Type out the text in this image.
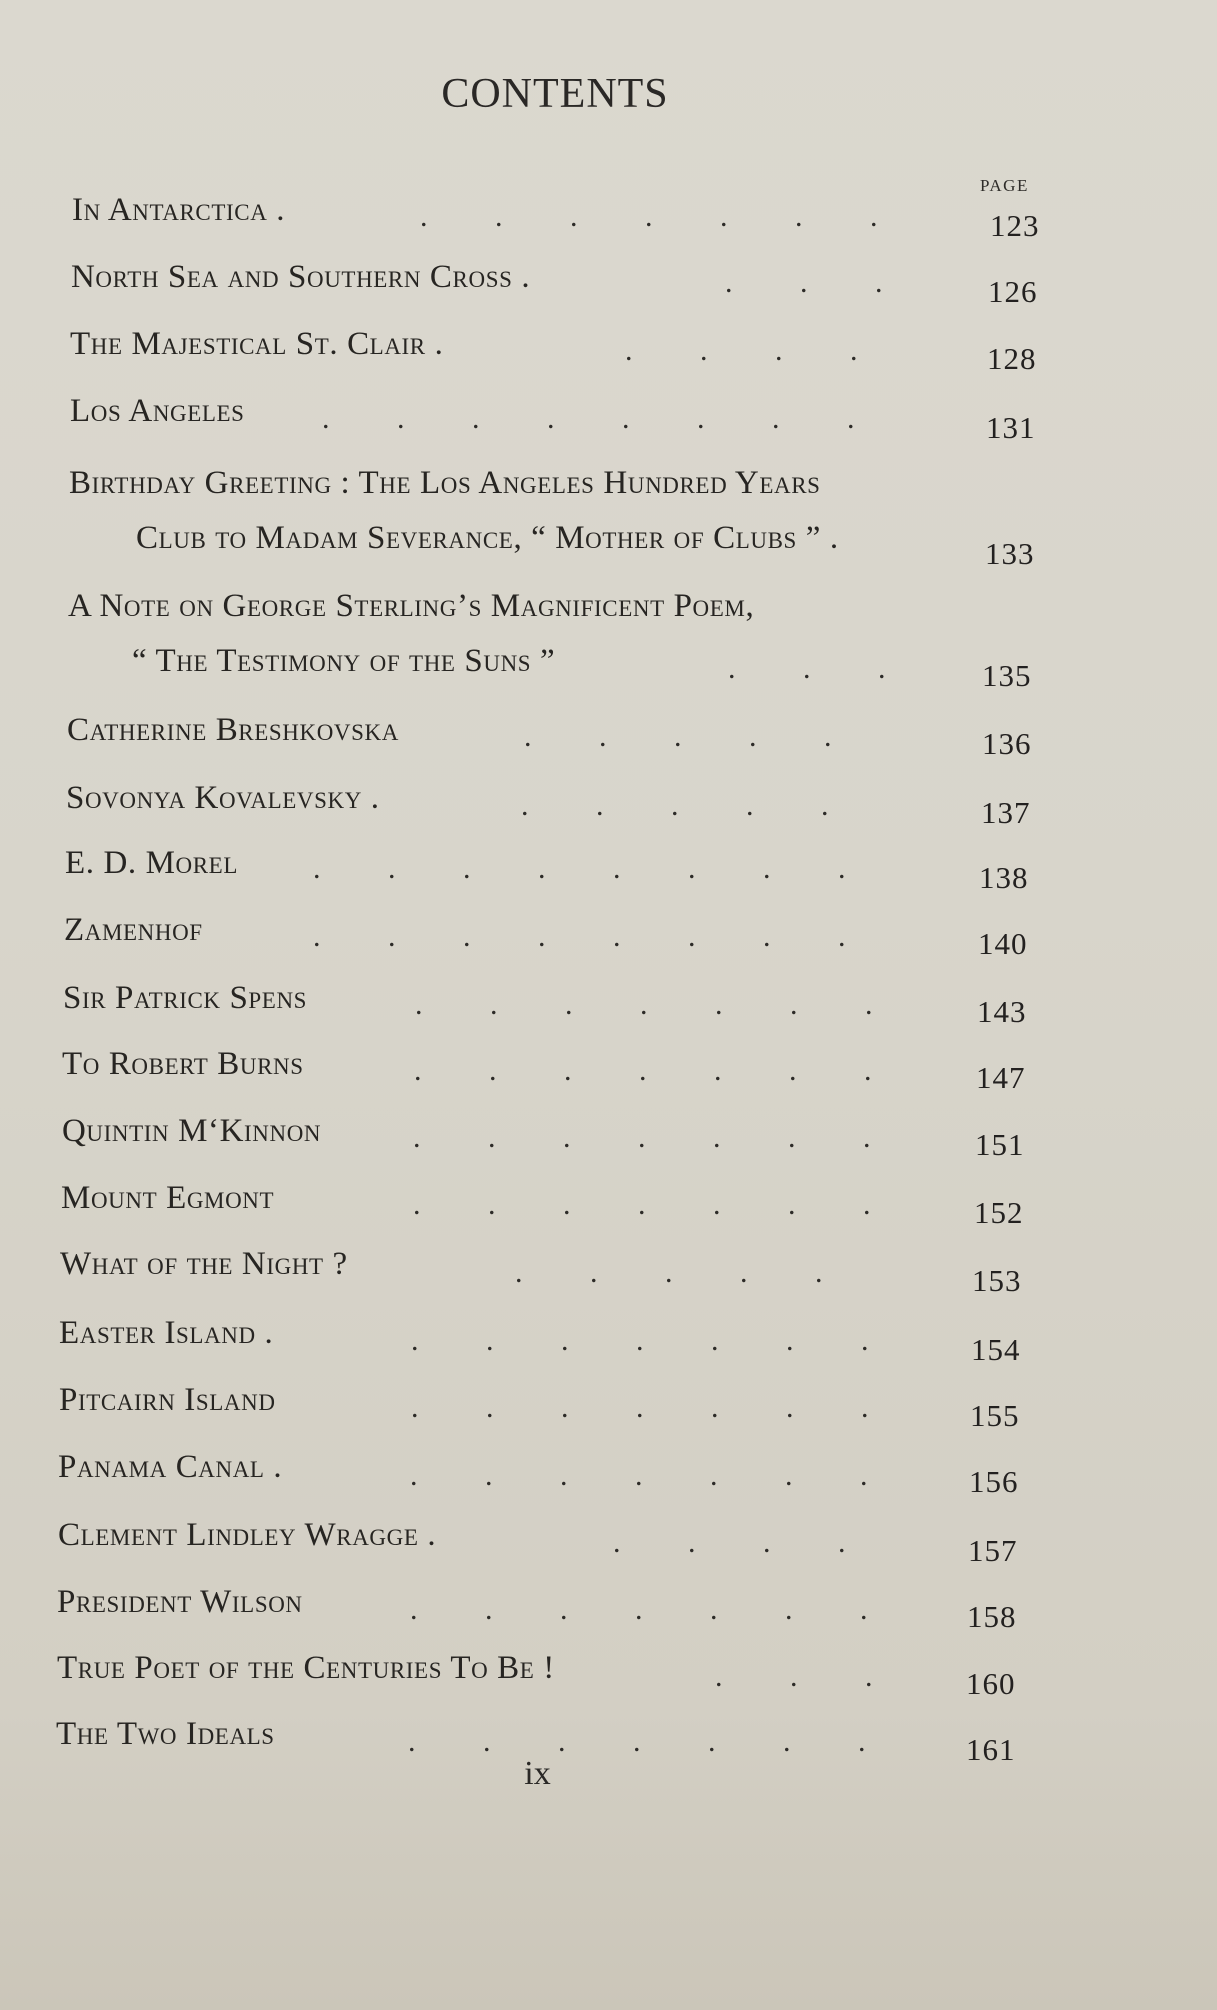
CONTENTS
PAGE
In Antarctica .	.         .         .         .         .         .         .	123
North Sea and Southern Cross .	.         .         .	126
The Majestical St. Clair .	.         .         .         .	128
Los Angeles	.         .         .         .         .         .         .         .	131
Birthday Greeting : The Los Angeles Hundred Years
Club to Madam Severance, “ Mother of Clubs ” .	133
A Note on George Sterling’s Magnificent Poem,
“ The Testimony of the Suns ”	.         .         .	135
Catherine Breshkovska	.         .         .         .         .	136
Sovonya Kovalevsky .	.         .         .         .         .	137
E. D. Morel	.         .         .         .         .         .         .         .	138
Zamenhof	.         .         .         .         .         .         .         .	140
Sir Patrick Spens	.         .         .         .         .         .         .	143
To Robert Burns	.         .         .         .         .         .         .	147
Quintin M‘Kinnon	.         .         .         .         .         .         .	151
Mount Egmont	.         .         .         .         .         .         .	152
What of the Night ?	.         .         .         .         .	153
Easter Island .	.         .         .         .         .         .         .	154
Pitcairn Island	.         .         .         .         .         .         .	155
Panama Canal .	.         .         .         .         .         .         .	156
Clement Lindley Wragge .	.         .         .         .	157
President Wilson	.         .         .         .         .         .         .	158
True Poet of the Centuries To Be !	.         .         .	160
The Two Ideals	.         .         .         .         .         .         .	161
ix
